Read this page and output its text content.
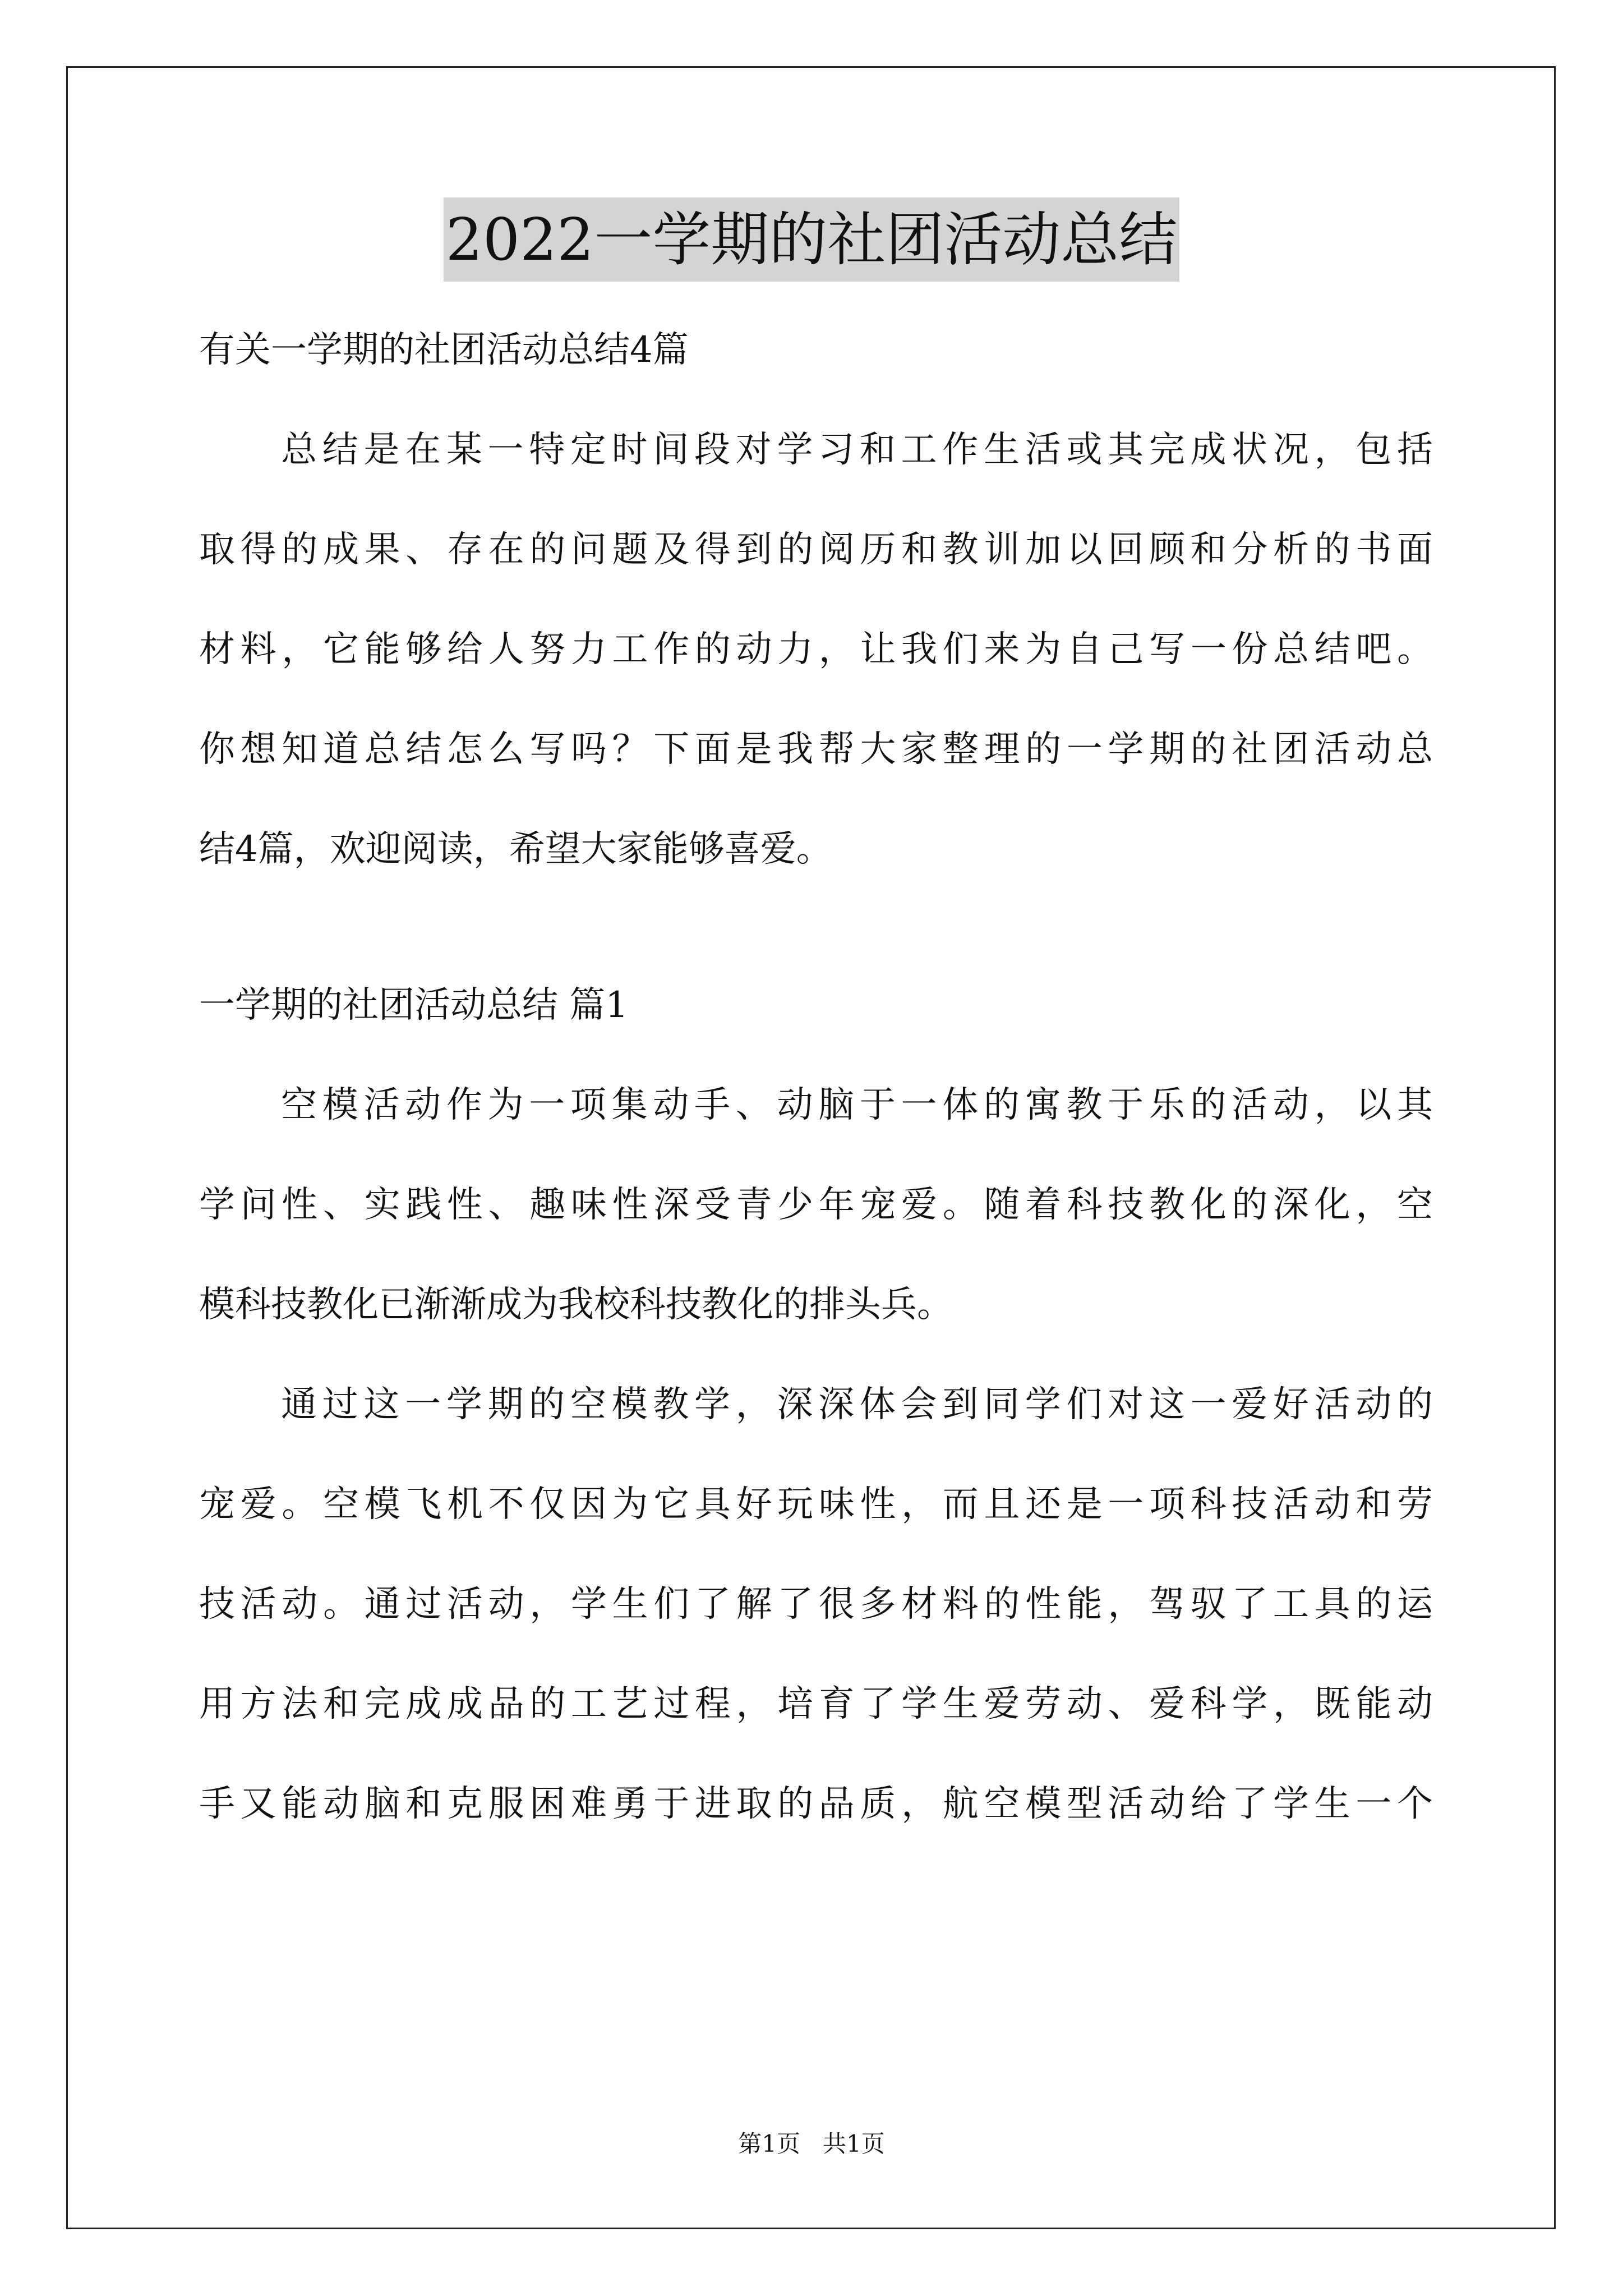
2022一学期的社团活动总结
有关一学期的社团活动总结4篇
总结是在某一特定时间段对学习和工作生活或其完成状况，包括
取得的成果、存在的问题及得到的阅历和教训加以回顾和分析的书面
材料，它能够给人努力工作的动力，让我们来为自己写一份总结吧。
你想知道总结怎么写吗？下面是我帮大家整理的一学期的社团活动总
结4篇，欢迎阅读，希望大家能够喜爱。
一学期的社团活动总结 篇1
空模活动作为一项集动手、动脑于一体的寓教于乐的活动，以其
学问性、实践性、趣味性深受青少年宠爱。随着科技教化的深化，空
模科技教化已渐渐成为我校科技教化的排头兵。
通过这一学期的空模教学，深深体会到同学们对这一爱好活动的
宠爱。空模飞机不仅因为它具好玩味性，而且还是一项科技活动和劳
技活动。通过活动，学生们了解了很多材料的性能，驾驭了工具的运
用方法和完成成品的工艺过程，培育了学生爱劳动、爱科学，既能动
手又能动脑和克服困难勇于进取的品质，航空模型活动给了学生一个
第1页   共1页
